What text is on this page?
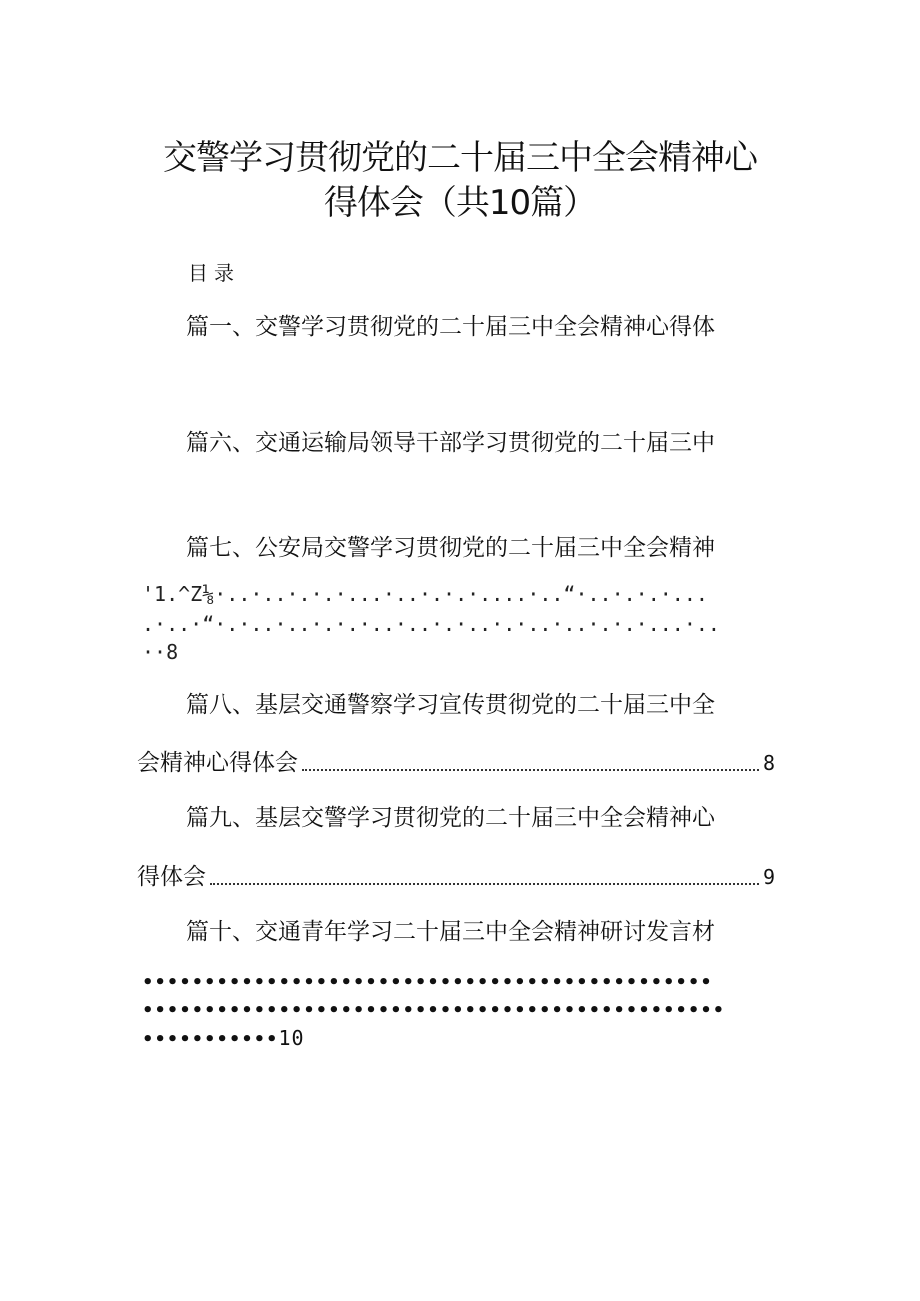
交警学习贯彻党的二十届三中全会精神心
得体会（共10篇）
目录
篇一、交警学习贯彻党的二十届三中全会精神心得体
篇六、交通运输局领导干部学习贯彻党的二十届三中
篇七、公安局交警学习贯彻党的二十届三中全会精神
'1.^Z⅛·..·..·.·.·...·..·.·.·....·..“·..·.·.·...
.·..·“·.·..·..·.·.·..·..·.·..·.·..·..·.·.·...·..
··8
篇八、基层交通警察学习宣传贯彻党的二十届三中全
会精神心得体会	8
篇九、基层交警学习贯彻党的二十届三中全会精神心
得体会	9
篇十、交通青年学习二十届三中全会精神研讨发言材
••••••••••••••••••••••••••••••••••••••••••••••
•••••••••••••••••••••••••••••••••••••••••••••••
•••••••••••10
